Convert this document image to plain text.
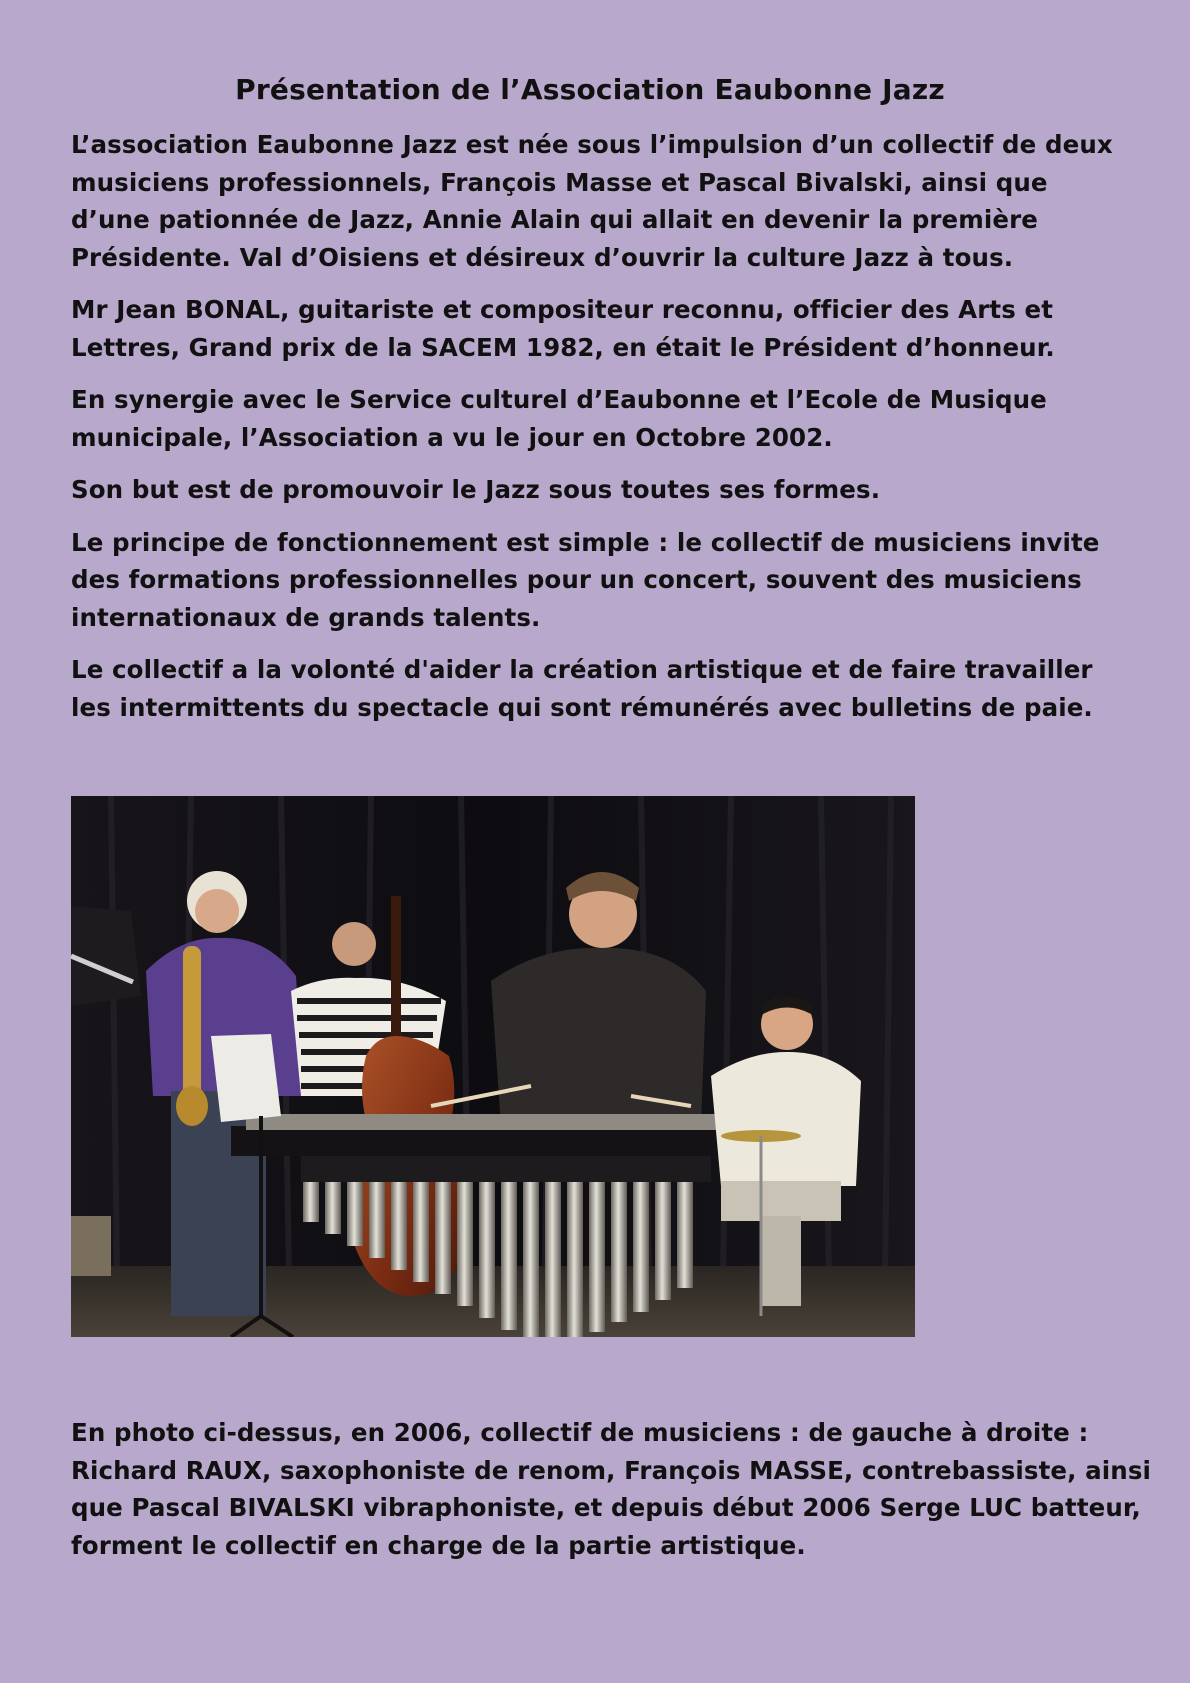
Présentation de l’Association Eaubonne Jazz

L’association Eaubonne Jazz est née sous l’impulsion d’un collectif de deux musiciens professionnels, François Masse et Pascal Bivalski, ainsi que d’une pationnée de Jazz, Annie Alain qui allait en devenir la première Présidente. Val d’Oisiens et désireux d’ouvrir la culture Jazz à tous.

Mr Jean BONAL, guitariste et compositeur reconnu, officier des Arts et Lettres, Grand prix de la SACEM 1982, en était le Président d’honneur.

En synergie avec le Service culturel d’Eaubonne et l’Ecole de Musique municipale, l’Association a vu le jour en Octobre 2002.

Son but est de promouvoir le Jazz sous toutes ses formes.

Le principe de fonctionnement est simple : le collectif de musiciens invite des formations professionnelles pour un concert, souvent des musiciens internationaux de grands talents.

Le collectif a la volonté d'aider la création artistique et de faire travailler les intermittents du spectacle qui sont rémunérés avec bulletins de paie.

En photo ci-dessus, en 2006, collectif de musiciens : de gauche à droite : Richard RAUX, saxophoniste de renom, François MASSE, contrebassiste, ainsi que Pascal BIVALSKI vibraphoniste, et depuis début 2006 Serge LUC batteur, forment le collectif en charge de la partie artistique.
